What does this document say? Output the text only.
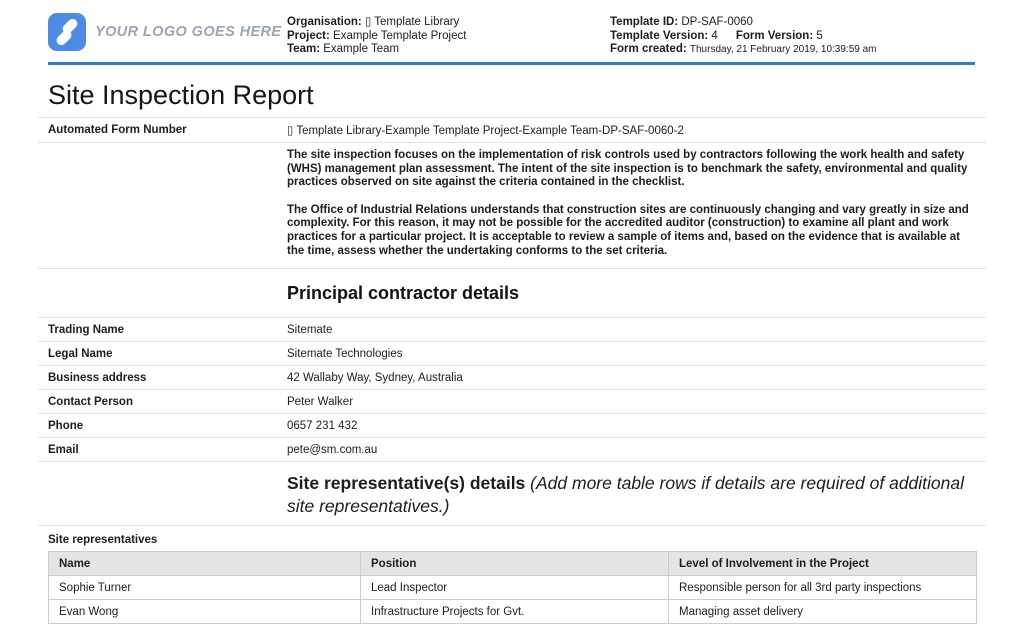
YOUR LOGO GOES HERE
Organisation: ▯ Template Library
Project: Example Template Project
Team: Example Team
Template ID: DP-SAF-0060
Template Version: 4 Form Version: 5
Form created: Thursday, 21 February 2019, 10:39:59 am
Site Inspection Report
Automated Form Number	▯ Template Library-Example Template Project-Example Team-DP-SAF-0060-2

The site inspection focuses on the implementation of risk controls used by contractors following the work health and safety (WHS) management plan assessment. The intent of the site inspection is to benchmark the safety, environmental and quality practices observed on site against the criteria contained in the checklist.

The Office of Industrial Relations understands that construction sites are continuously changing and vary greatly in size and complexity. For this reason, it may not be possible for the accredited auditor (construction) to examine all plant and work practices for a particular project. It is acceptable to review a sample of items and, based on the evidence that is available at the time, assess whether the undertaking conforms to the set criteria.

Principal contractor details
Trading Name	Sitemate
Legal Name	Sitemate Technologies
Business address	42 Wallaby Way, Sydney, Australia
Contact Person	Peter Walker
Phone	0657 231 432
Email	pete@sm.com.au
Site representative(s) details (Add more table rows if details are required of additional site representatives.)
Site representatives
Name	Position	Level of Involvement in the Project
Sophie Turner	Lead Inspector	Responsible person for all 3rd party inspections
Evan Wong	Infrastructure Projects for Gvt.	Managing asset delivery
